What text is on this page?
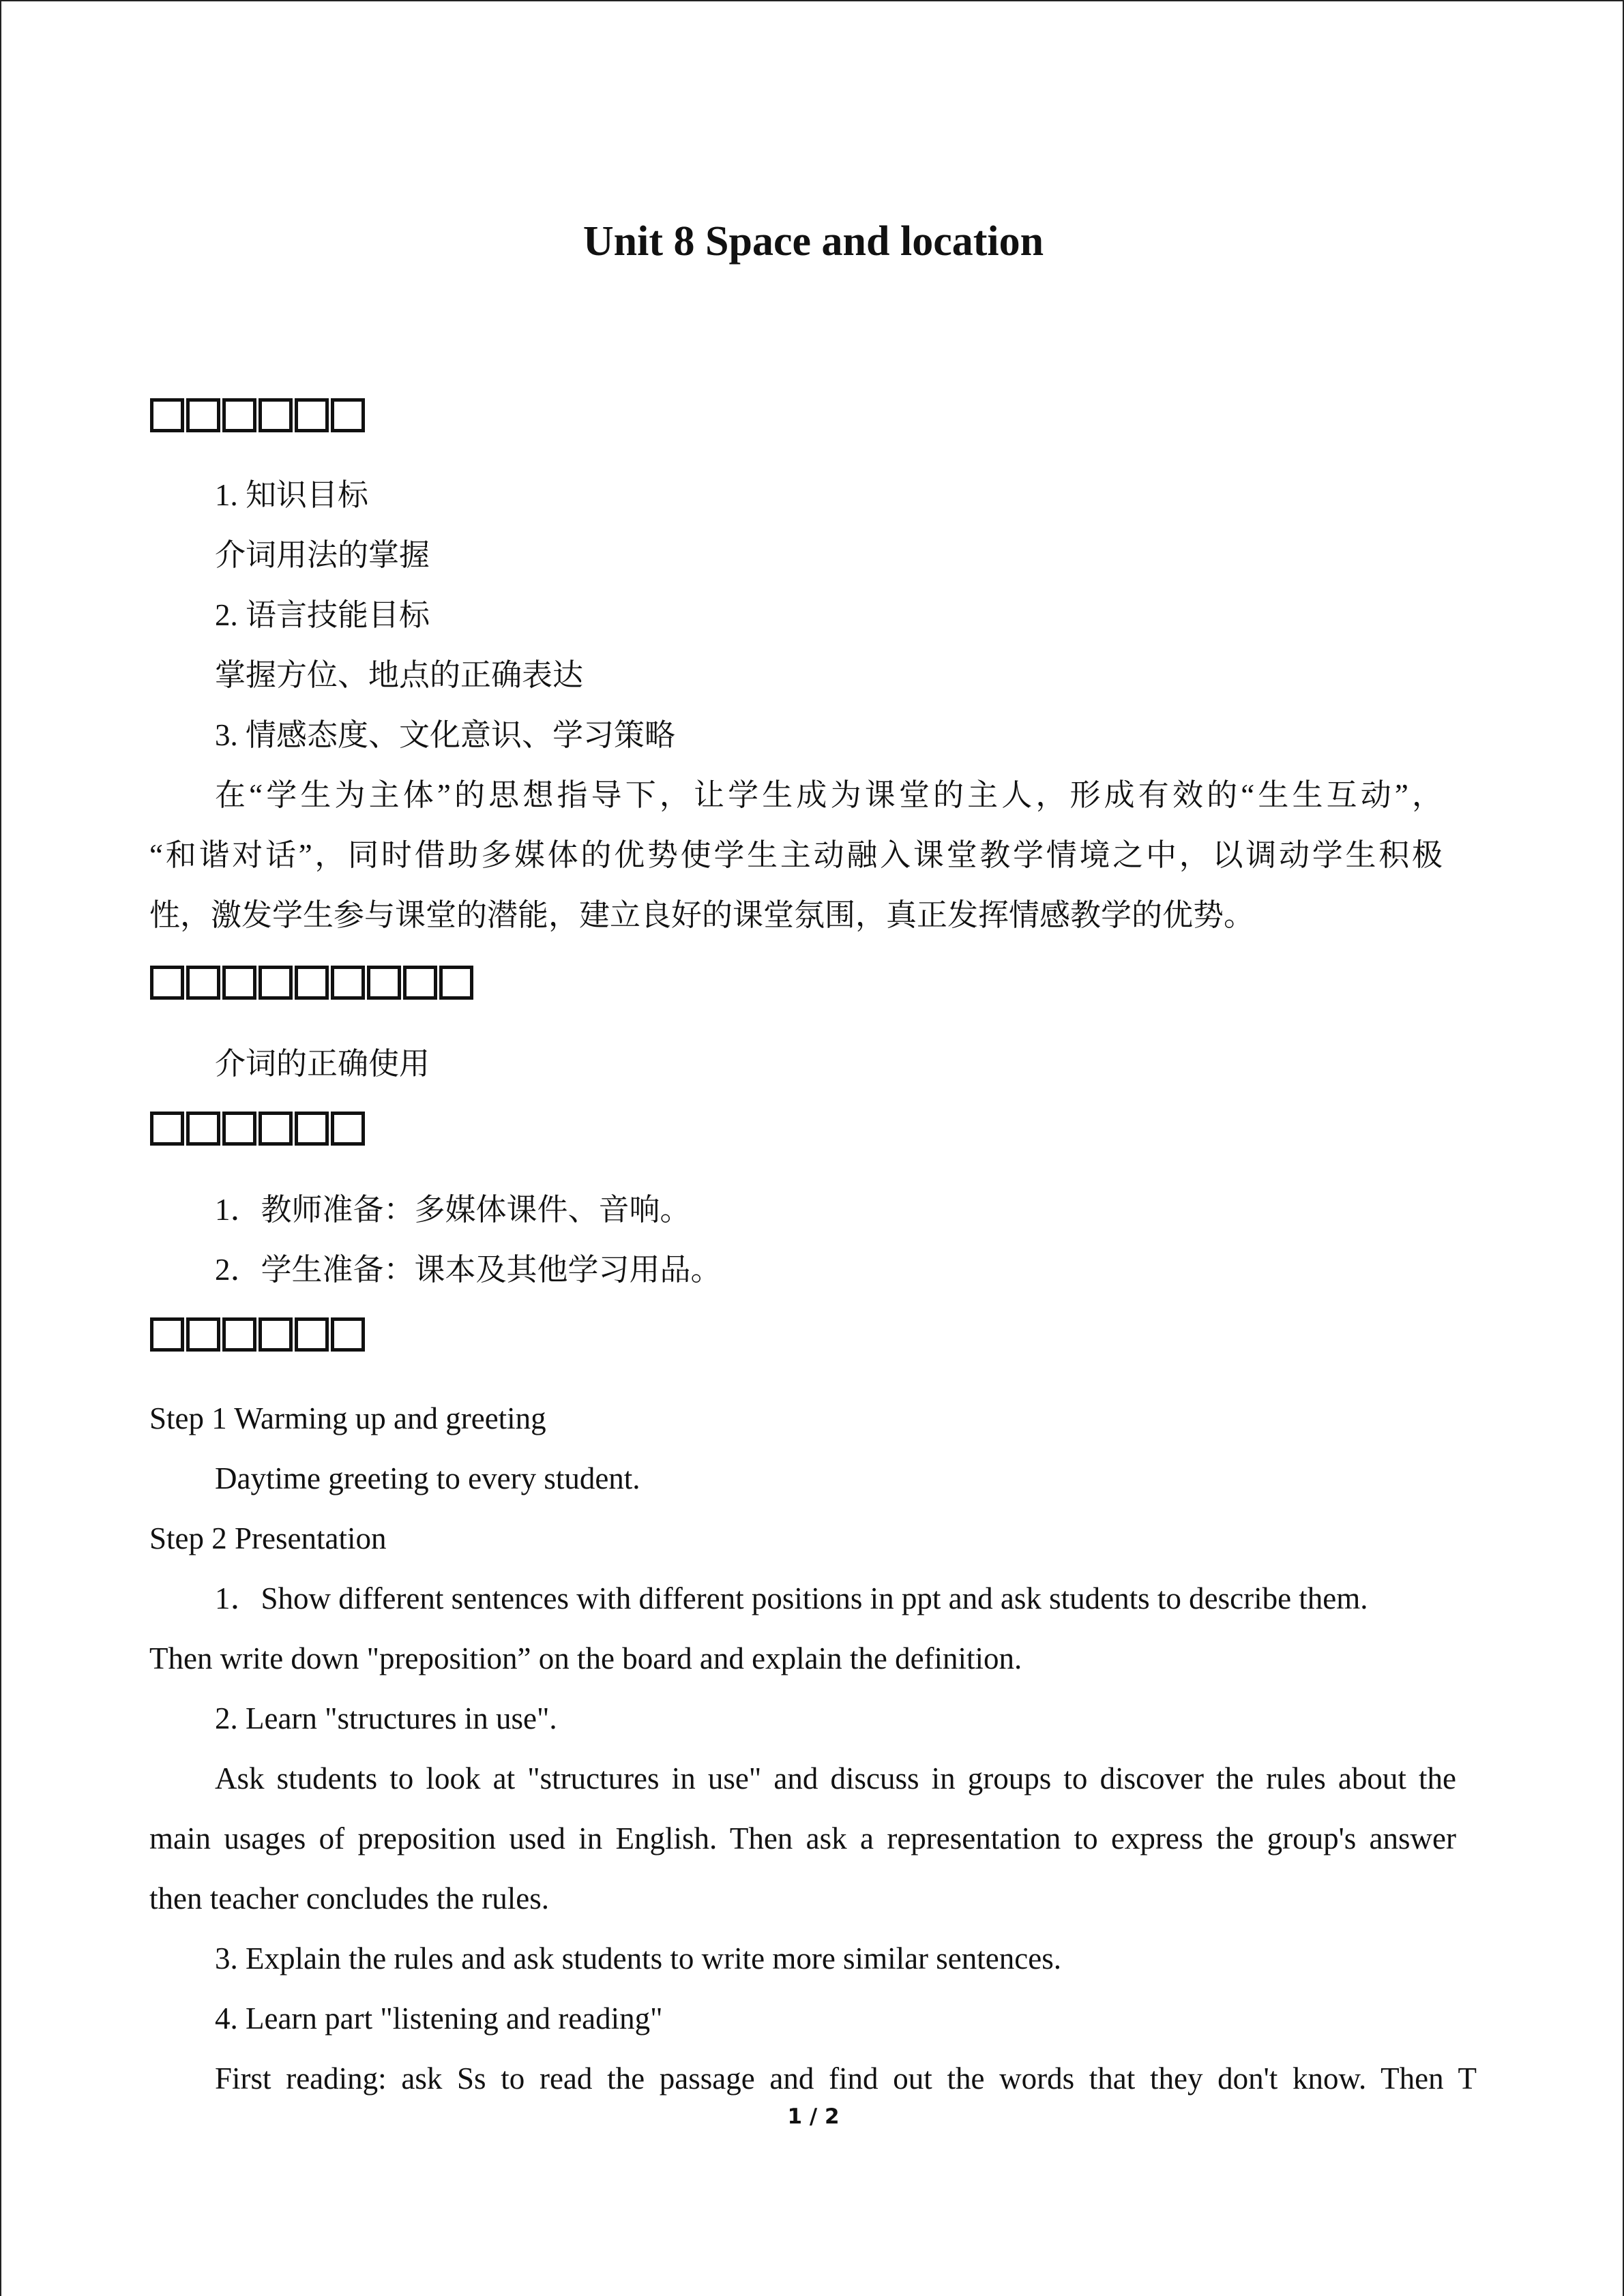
Unit 8 Space and location
1. 知识目标
介词用法的掌握
2. 语言技能目标
掌握方位、地点的正确表达
3. 情感态度、文化意识、学习策略
在“学生为主体”的思想指导下，让学生成为课堂的主人，形成有效的“生生互动”，
“和谐对话”，同时借助多媒体的优势使学生主动融入课堂教学情境之中，以调动学生积极
性，激发学生参与课堂的潜能，建立良好的课堂氛围，真正发挥情感教学的优势。
介词的正确使用
1．教师准备：多媒体课件、音响。
2．学生准备：课本及其他学习用品。
Step 1 Warming up and greeting
Daytime greeting to every student.
Step 2 Presentation
1．Show different sentences with different positions in ppt and ask students to describe them.
Then write down "preposition” on the board and explain the definition.
2. Learn "structures in use".
Ask students to look at "structures in use" and discuss in groups to discover the rules about the
main usages of preposition used in English. Then ask a representation to express the group's answer
then teacher concludes the rules.
3. Explain the rules and ask students to write more similar sentences.
4. Learn part "listening and reading"
First reading: ask Ss to read the passage and find out the words that they don't know. Then T
1 / 2
